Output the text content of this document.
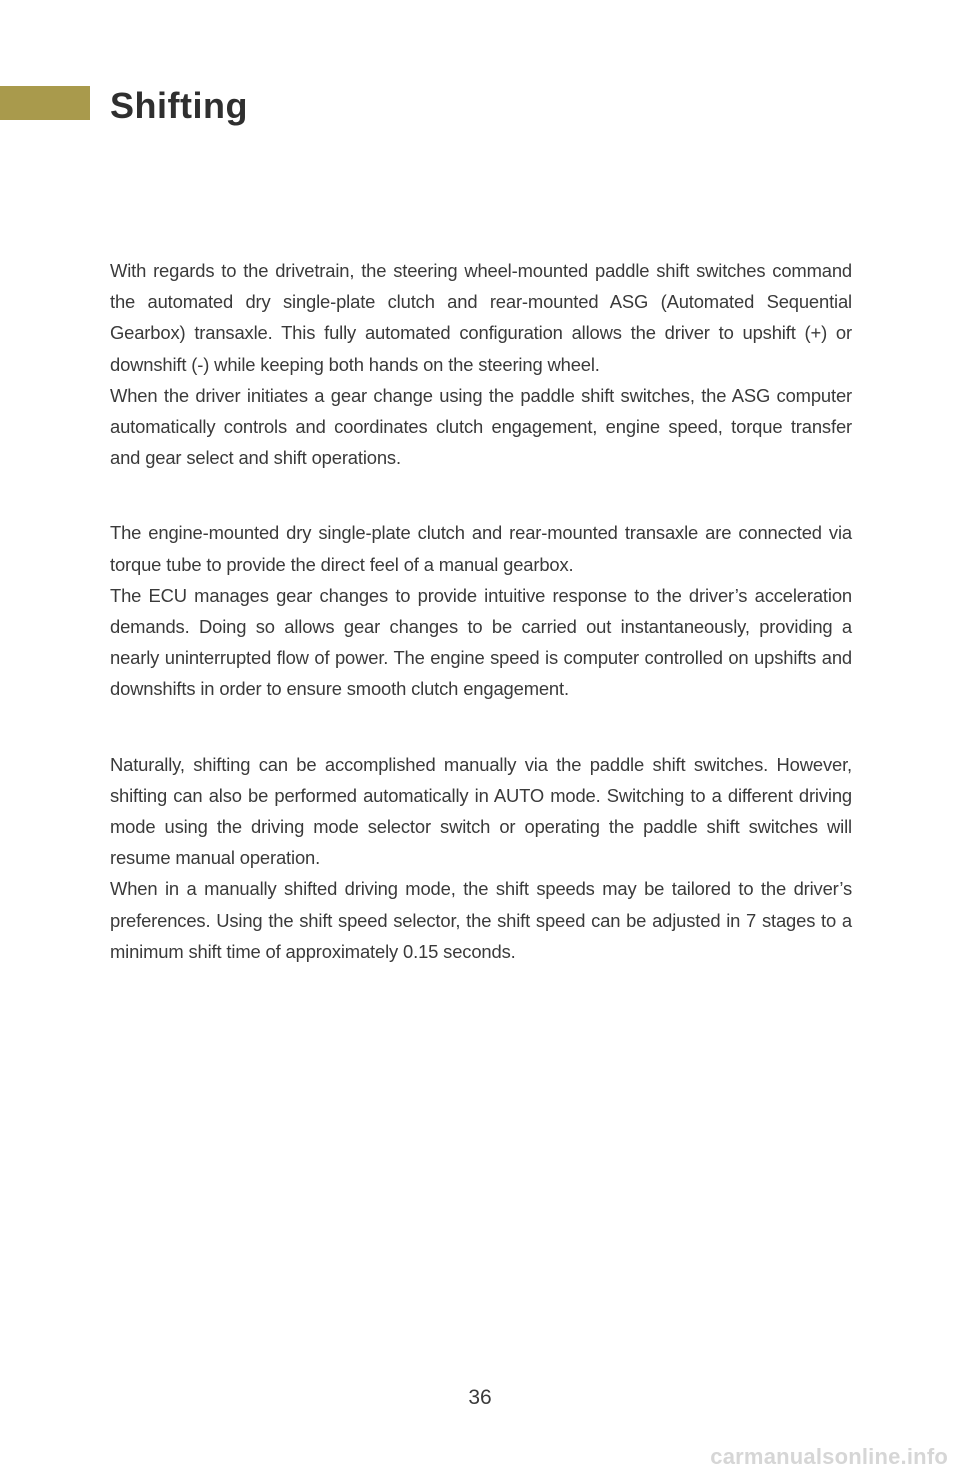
Shifting

With regards to the drivetrain, the steering wheel-mounted paddle shift switches command the automated dry single-plate clutch and rear-mounted ASG (Automated Sequential Gearbox) transaxle. This fully automated configuration allows the driver to upshift (+) or downshift (-) while keeping both hands on the steering wheel.

When the driver initiates a gear change using the paddle shift switches, the ASG computer automatically controls and coordinates clutch engagement, engine speed, torque transfer and gear select and shift operations.

The engine-mounted dry single-plate clutch and rear-mounted transaxle are connected via torque tube to provide the direct feel of a manual gearbox.

The ECU manages gear changes to provide intuitive response to the driver’s acceleration demands. Doing so allows gear changes to be carried out instantaneously, providing a nearly uninterrupted flow of power. The engine speed is computer controlled on upshifts and downshifts in order to ensure smooth clutch engagement.

Naturally, shifting can be accomplished manually via the paddle shift switches. However, shifting can also be performed automatically in AUTO mode. Switching to a different driving mode using the driving mode selector switch or operating the paddle shift switches will resume manual operation.

When in a manually shifted driving mode, the shift speeds may be tailored to the driver’s preferences. Using the shift speed selector, the shift speed can be adjusted in 7 stages to a minimum shift time of approximately 0.15 seconds.

36

carmanualsonline.info
